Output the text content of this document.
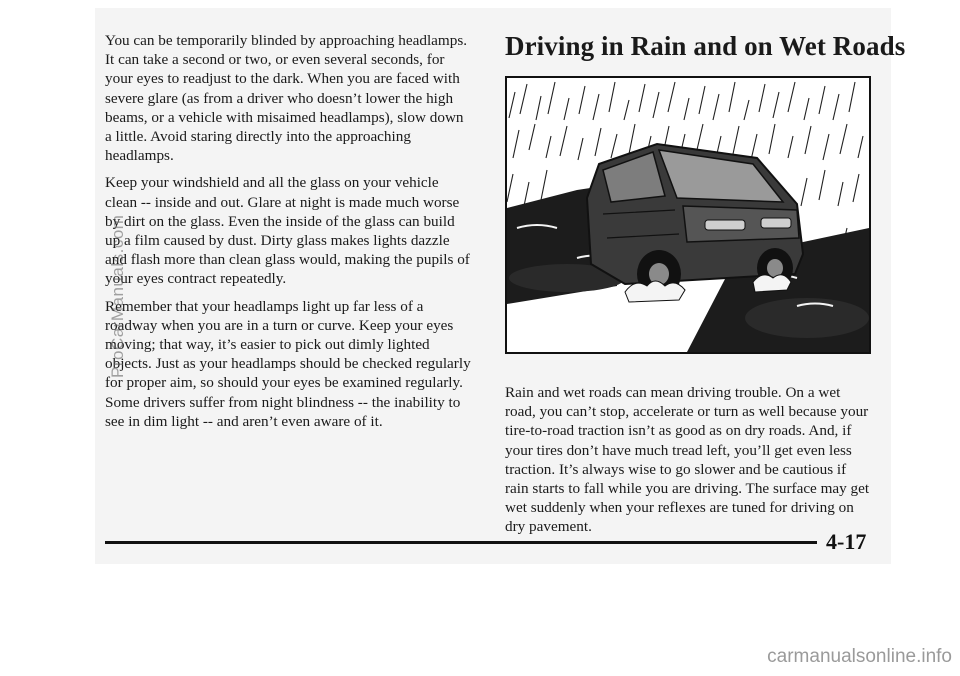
You can be temporarily blinded by approaching headlamps. It can take a second or two, or even several seconds, for your eyes to readjust to the dark. When you are faced with severe glare (as from a driver who doesn’t lower the high beams, or a vehicle with misaimed headlamps), slow down a little. Avoid staring directly into the approaching headlamps.

Keep your windshield and all the glass on your vehicle clean -- inside and out. Glare at night is made much worse by dirt on the glass. Even the inside of the glass can build up a film caused by dust. Dirty glass makes lights dazzle and flash more than clean glass would, making the pupils of your eyes contract repeatedly.

Remember that your headlamps light up far less of a roadway when you are in a turn or curve. Keep your eyes moving; that way, it’s easier to pick out dimly lighted objects. Just as your headlamps should be checked regularly for proper aim, so should your eyes be examined regularly. Some drivers suffer from night blindness -- the inability to see in dim light -- and aren’t even aware of it.

Driving in Rain and on Wet Roads

Rain and wet roads can mean driving trouble. On a wet road, you can’t stop, accelerate or turn as well because your tire-to-road traction isn’t as good as on dry roads. And, if your tires don’t have much tread left, you’ll get even less traction. It’s always wise to go slower and be cautious if rain starts to fall while you are driving. The surface may get wet suddenly when your reflexes are tuned for driving on dry pavement.

4-17
ProCarManuals.com
carmanualsonline.info
